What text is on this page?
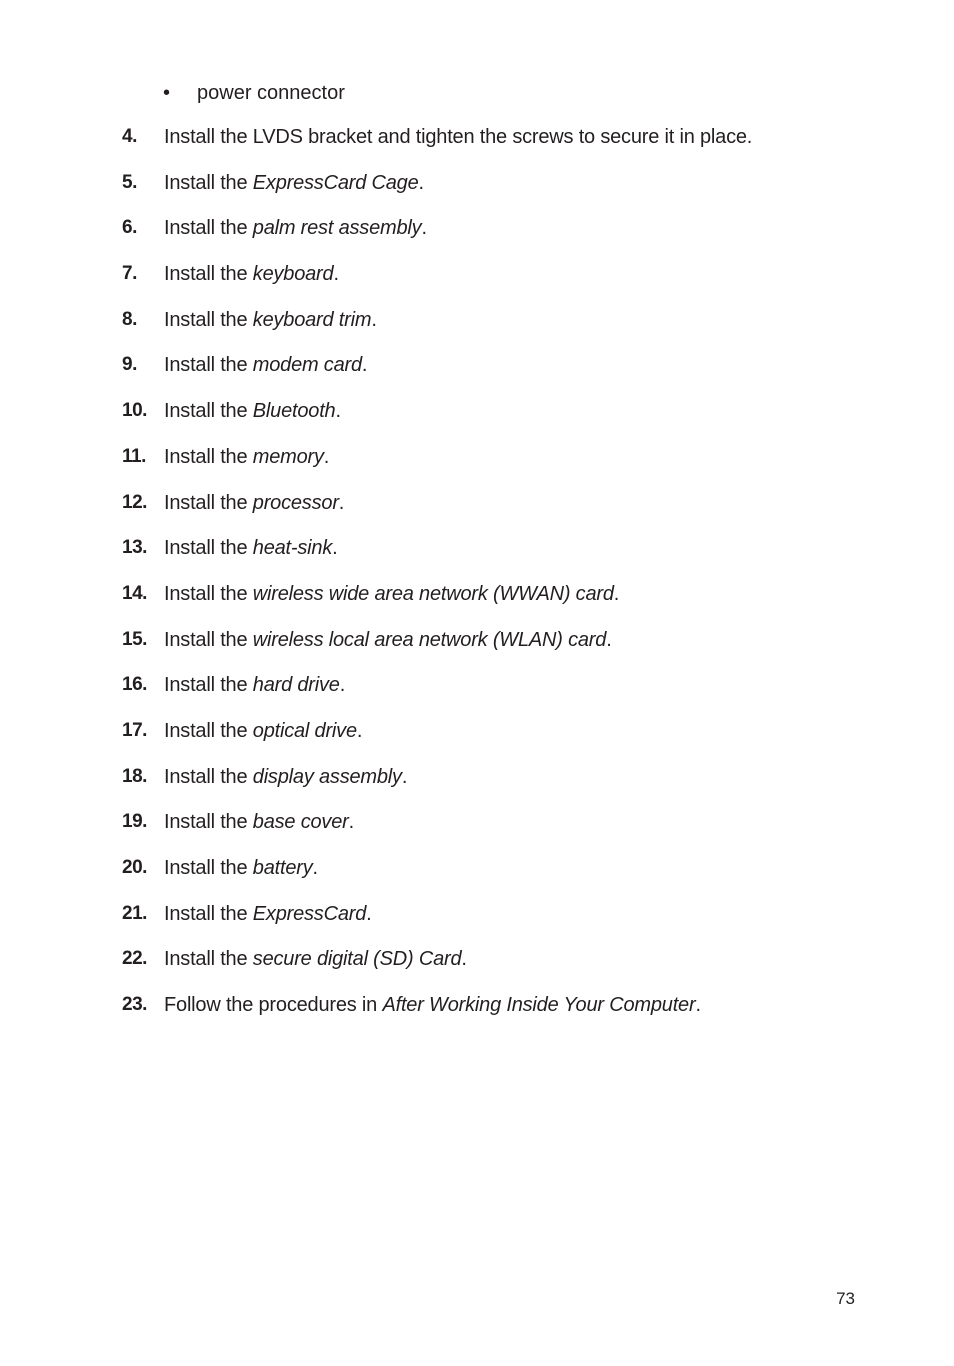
• power connector
4.	Install the LVDS bracket and tighten the screws to secure it in place.
5.	Install the ExpressCard Cage.
6.	Install the palm rest assembly.
7.	Install the keyboard.
8.	Install the keyboard trim.
9.	Install the modem card.
10. Install the Bluetooth.
11. Install the memory.
12. Install the processor.
13. Install the heat-sink.
14. Install the wireless wide area network (WWAN) card.
15. Install the wireless local area network (WLAN) card.
16. Install the hard drive.
17. Install the optical drive.
18. Install the display assembly.
19. Install the base cover.
20. Install the battery.
21. Install the ExpressCard.
22. Install the secure digital (SD) Card.
23. Follow the procedures in After Working Inside Your Computer.
73
